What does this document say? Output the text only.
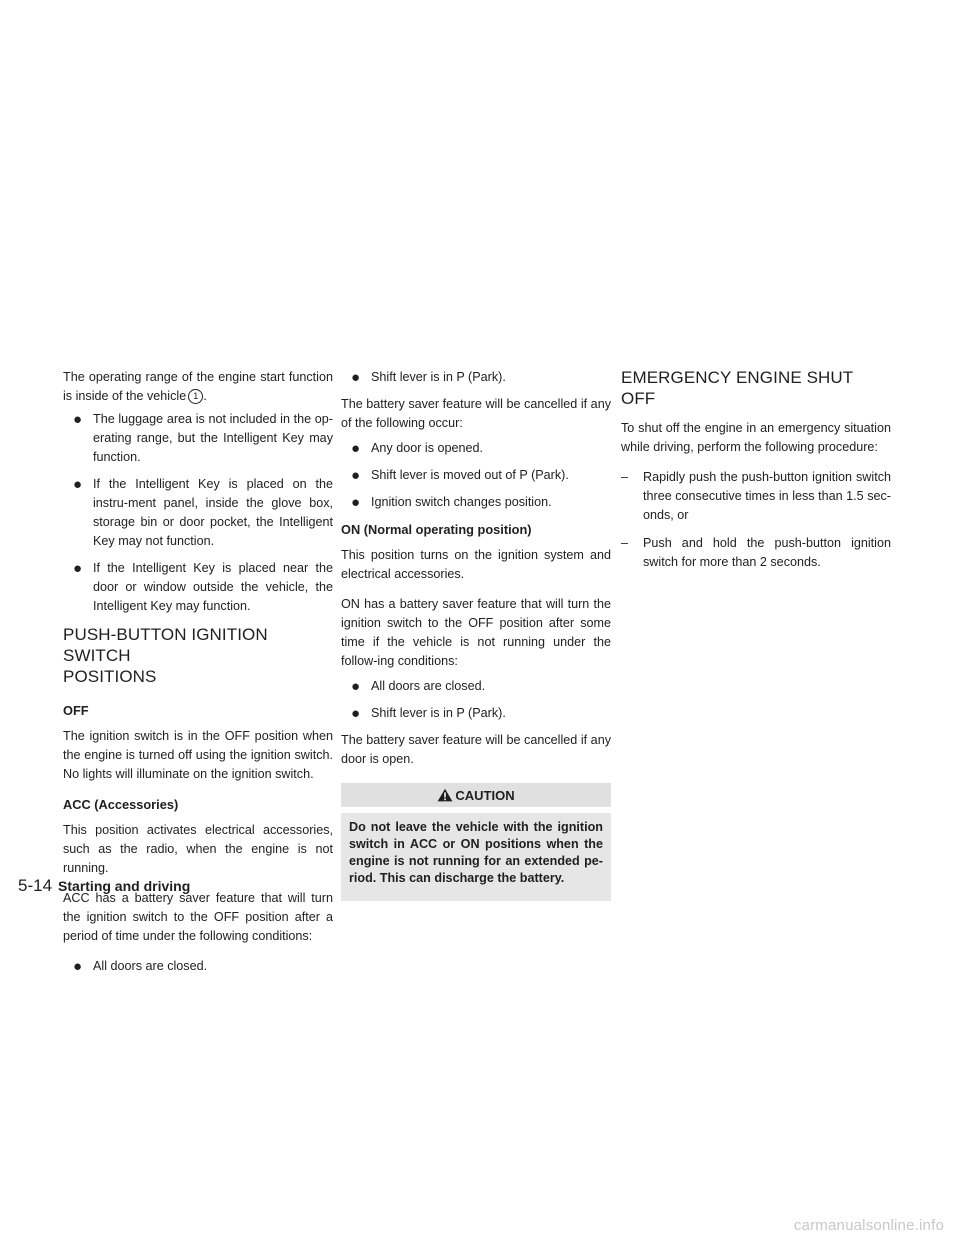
The operating range of the engine start function is inside of the vehicle 1 .

● The luggage area is not included in the op-erating range, but the Intelligent Key may function.
● If the Intelligent Key is placed on the instru-ment panel, inside the glove box, storage bin or door pocket, the Intelligent Key may not function.
● If the Intelligent Key is placed near the door or window outside the vehicle, the Intelligent Key may function.
PUSH-BUTTON IGNITION SWITCH
POSITIONS
OFF

The ignition switch is in the OFF position when the engine is turned off using the ignition switch. No lights will illuminate on the ignition switch.

ACC (Accessories)

This position activates electrical accessories, such as the radio, when the engine is not running.

ACC has a battery saver feature that will turn the ignition switch to the OFF position after a period of time under the following conditions:

● All doors are closed.
● Shift lever is in P (Park).

The battery saver feature will be cancelled if any of the following occur:

● Any door is opened.
● Shift lever is moved out of P (Park).
● Ignition switch changes position.
ON (Normal operating position)

This position turns on the ignition system and electrical accessories.

ON has a battery saver feature that will turn the ignition switch to the OFF position after some time if the vehicle is not running under the follow-ing conditions:

● All doors are closed.
● Shift lever is in P (Park).

The battery saver feature will be cancelled if any door is open.

CAUTION
Do not leave the vehicle with the ignition switch in ACC or ON positions when the engine is not running for an extended pe-riod. This can discharge the battery.
EMERGENCY ENGINE SHUT OFF

To shut off the engine in an emergency situation while driving, perform the following procedure:

– Rapidly push the push-button ignition switch three consecutive times in less than 1.5 sec-onds, or
– Push and hold the push-button ignition switch for more than 2 seconds.
5-14 Starting and driving
carmanualsonline.info
